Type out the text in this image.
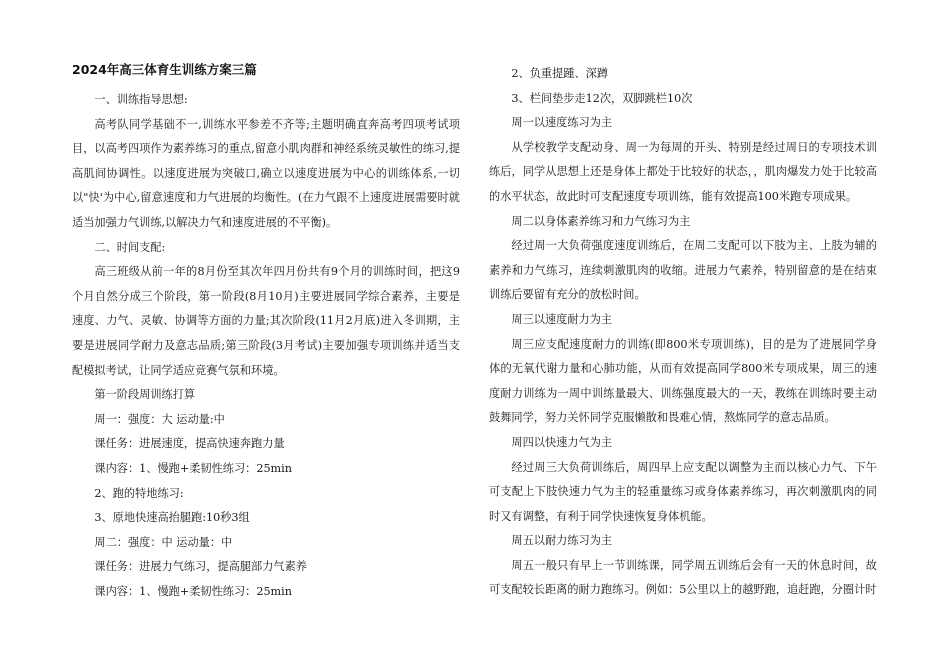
2024年高三体育生训练方案三篇

一、训练指导思想:

高考队同学基础不一,训练水平参差不齐等;主题明确直奔高考四项考试项目，以高考四项作为素养练习的重点,留意小肌肉群和神经系统灵敏性的练习,提高肌间协调性。以速度进展为突破口,确立以速度进展为中心的训练体系,一切以"快'为中心,留意速度和力气进展的均衡性。(在力气跟不上速度进展需要时就适当加强力气训练,以解决力气和速度进展的不平衡)。

二、时间支配:

高三班级从前一年的8月份至其次年四月份共有9个月的训练时间，把这9个月自然分成三个阶段，第一阶段(8月10月)主要进展同学综合素养，主要是速度、力气、灵敏、协调等方面的力量;其次阶段(11月2月底)进入冬训期，主要是进展同学耐力及意志品质;第三阶段(3月考试)主要加强专项训练并适当支配模拟考试，让同学适应竞赛气氛和环境。

第一阶段周训练打算

周一：强度：大 运动量:中

课任务：进展速度，提高快速奔跑力量

课内容：1、慢跑+柔韧性练习：25min

2、跑的特地练习:

3、原地快速高抬腿跑:10秒3组

周二：强度：中 运动量：中

课任务：进展力气练习，提高腿部力气素养

课内容：1、慢跑+柔韧性练习：25min

2、负重提踵、深蹲

3、栏间垫步走12次，双脚跳栏10次

周一以速度练习为主

从学校教学支配动身、周一为每周的开头、特别是经过周日的专项技术训练后，同学从思想上还是身体上都处于比较好的状态，，肌肉爆发力处于比较高的水平状态，故此时可支配速度专项训练，能有效提高100米跑专项成果。

周二以身体素养练习和力气练习为主

经过周一大负荷强度速度训练后，在周二支配可以下肢为主、上肢为辅的素养和力气练习，连续刺激肌肉的收缩。进展力气素养，特别留意的是在结束训练后要留有充分的放松时间。

周三以速度耐力为主

周三应支配速度耐力的训练(即800米专项训练)，目的是为了进展同学身体的无氧代谢力量和心肺功能，从而有效提高同学800米专项成果，周三的速度耐力训练为一周中训练量最大、训练强度最大的一天，教练在训练时要主动鼓舞同学，努力关怀同学克服懒散和畏难心情，熬炼同学的意志品质。

周四以快速力气为主

经过周三大负荷训练后，周四早上应支配以调整为主而以核心力气、下午可支配上下肢快速力气为主的轻重量练习或身体素养练习，再次刺激肌肉的同时又有调整，有利于同学快速恢复身体机能。

周五以耐力练习为主

周五一般只有早上一节训练课，同学周五训练后会有一天的休息时间，故可支配较长距离的耐力跑练习。例如：5公里以上的越野跑，追赶跑，分圈计时
